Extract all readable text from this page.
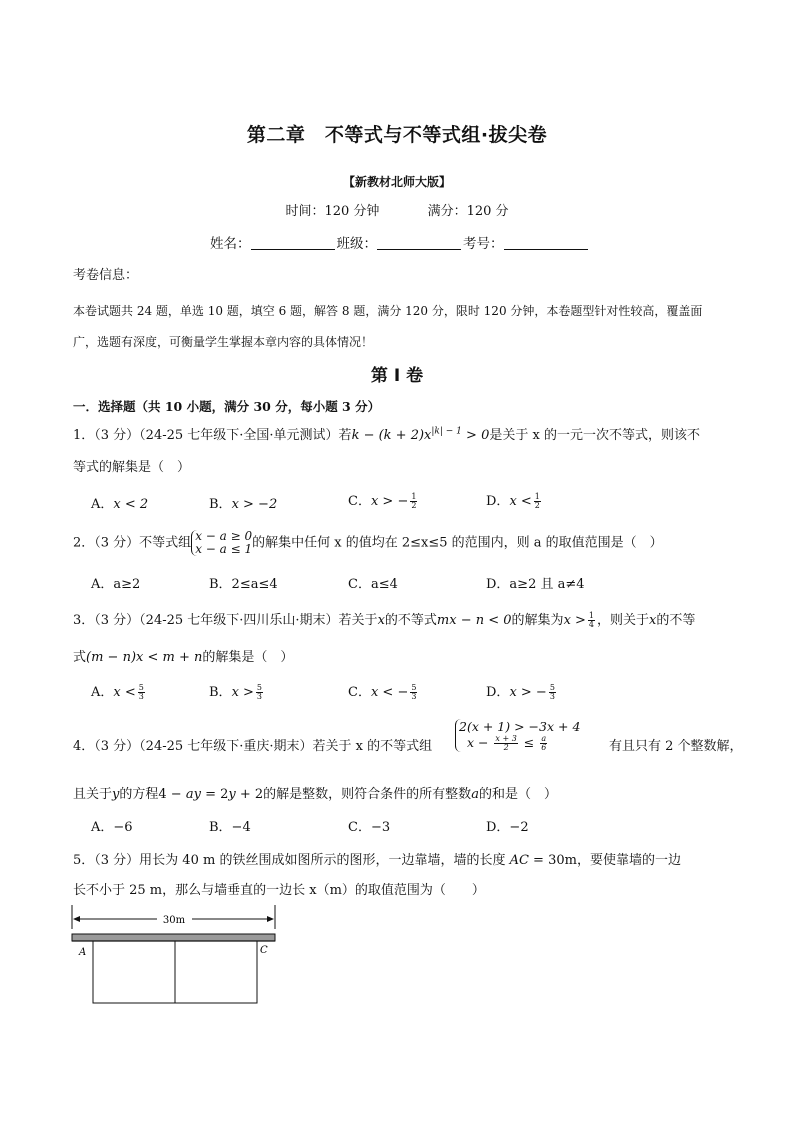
第二章　不等式与不等式组·拔尖卷
【新教材北师大版】
时间：120 分钟	满分：120 分
姓名：	班级：	考号：
考卷信息：
本卷试题共 24 题，单选 10 题，填空 6 题，解答 8 题，满分 120 分，限时 120 分钟，本卷题型针对性较高，覆盖面广，选题有深度，可衡量学生掌握本章内容的具体情况！
第 I 卷
一．选择题（共 10 小题，满分 30 分，每小题 3 分）
1．（3 分）（24-25 七年级下·全国·单元测试）若$k - (k + 2)x^{|k| - 1} > 0$是关于 x 的一元一次不等式，则该不
等式的解集是（　）
A．x < 2	B．x > −2	C．x > − $\frac{1}{2}$	D．$x < \frac{1}{2}$
2．（3 分）不等式组 x − a ≥ 0
x − a ≤ 1的解集中任何 x 的值均在 2≤x≤5 的范围内，则 a 的取值范围是（　）
A．a≥2	B．2≤a≤4	C．a≤4	D．a≥2 且 a≠4
3．（3 分）（24-25 七年级下·四川乐山·期末）若关于x的不等式mx − n < 0的解集为$x > \frac{1}{4}$ ，则关于x的不等
式(m − n)x < m + n的解集是（　）
A．$x < \frac{5}{3}$	B．$x > \frac{5}{3}$	C．x < − $\frac{5}{3}$	D．x > − $\frac{5}{3}$
4．（3 分）（24-25 七年级下·重庆·期末）若关于 x 的不等式组
2(x + 1) > −3x + 4
$x - \frac{x + 3}{2} \le \frac{a}{6}$	有且只有 2 个整数解，
且关于y的方程4 − ay = 2y + 2的解是整数，则符合条件的所有整数a的和是（　）
A．−6	B．−4	C．−3	D．−2
5．（3 分）用长为 40 m 的铁丝围成如图所示的图形，一边靠墙，墙的长度 AC = 30m，要使靠墙的一边
长不小于 25 m，那么与墙垂直的一边长 x（m）的取值范围为（　　）
30m
A	C
